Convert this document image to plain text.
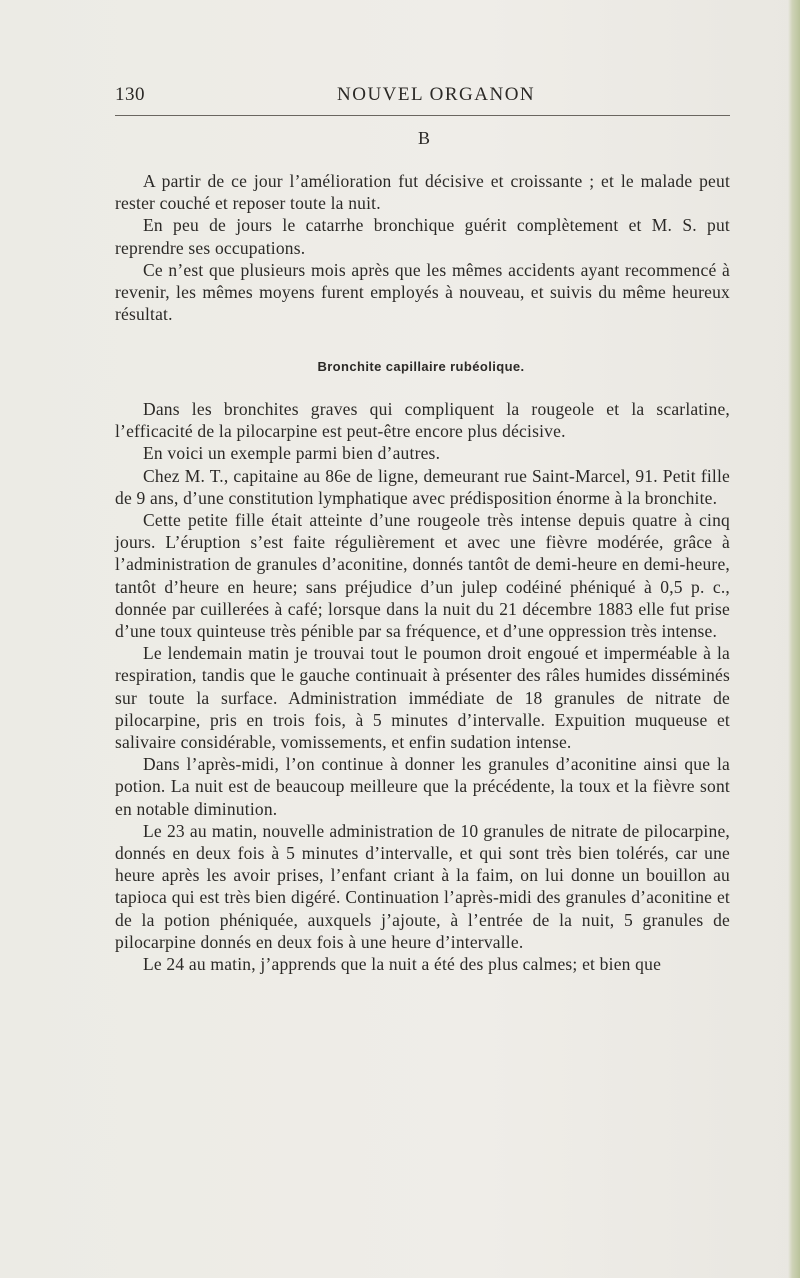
130	NOUVEL ORGANON
B

A partir de ce jour l’amélioration fut décisive et croissante ; et le malade peut rester couché et reposer toute la nuit.

En peu de jours le catarrhe bronchique guérit complètement et M. S. put reprendre ses occupations.

Ce n’est que plusieurs mois après que les mêmes accidents ayant recommencé à revenir, les mêmes moyens furent employés à nouveau, et suivis du même heureux résultat.

Bronchite capillaire rubéolique.

Dans les bronchites graves qui compliquent la rougeole et la scarlatine, l’efficacité de la pilocarpine est peut-être encore plus décisive.

En voici un exemple parmi bien d’autres.

Chez M. T., capitaine au 86e de ligne, demeurant rue Saint-Marcel, 91. Petit fille de 9 ans, d’une constitution lymphatique avec prédisposition énorme à la bronchite.

Cette petite fille était atteinte d’une rougeole très intense depuis quatre à cinq jours. L’éruption s’est faite régulièrement et avec une fièvre modérée, grâce à l’administration de granules d’aconitine, donnés tantôt de demi-heure en demi-heure, tantôt d’heure en heure; sans préjudice d’un julep codéiné phéniqué à 0,5 p. c., donnée par cuillerées à café; lorsque dans la nuit du 21 décembre 1883 elle fut prise d’une toux quinteuse très pénible par sa fréquence, et d’une oppression très intense.

Le lendemain matin je trouvai tout le poumon droit engoué et imperméable à la respiration, tandis que le gauche continuait à présenter des râles humides disséminés sur toute la surface. Administration immédiate de 18 granules de nitrate de pilocarpine, pris en trois fois, à 5 minutes d’intervalle. Expuition muqueuse et salivaire considérable, vomissements, et enfin sudation intense.

Dans l’après-midi, l’on continue à donner les granules d’aconitine ainsi que la potion. La nuit est de beaucoup meilleure que la précédente, la toux et la fièvre sont en notable diminution.

Le 23 au matin, nouvelle administration de 10 granules de nitrate de pilocarpine, donnés en deux fois à 5 minutes d’intervalle, et qui sont très bien tolérés, car une heure après les avoir prises, l’enfant criant à la faim, on lui donne un bouillon au tapioca qui est très bien digéré. Continuation l’après-midi des granules d’aconitine et de la potion phéniquée, auxquels j’ajoute, à l’entrée de la nuit, 5 granules de pilocarpine donnés en deux fois à une heure d’intervalle.

Le 24 au matin, j’apprends que la nuit a été des plus calmes; et bien que
